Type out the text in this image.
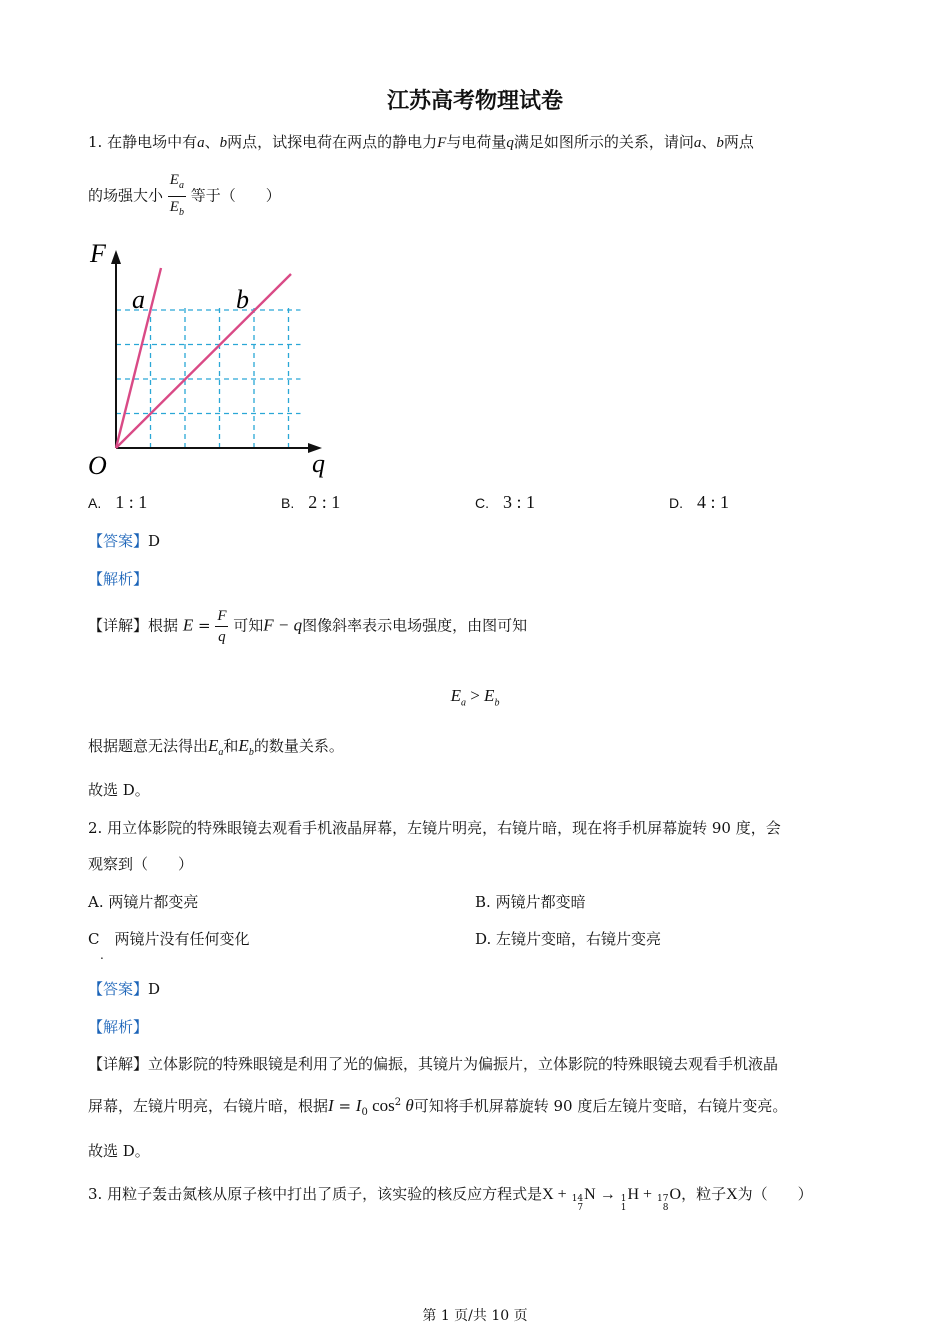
江苏高考物理试卷
1. 在静电场中有a、b两点，试探电荷在两点的静电力F与电荷量q满足如图所示的关系，请问a、b两点
的场强大小 $\frac{E_a}{E_b}$ 等于（　　）
F
q
O
a	b
A. 1 : 1	B. 2 : 1	C. 3 : 1	D. 4 : 1
【答案】D
【解析】
【详解】根据 $E = \frac{F}{q}$ 可知F − q图像斜率表示电场强度，由图可知
$E_a > E_b$
根据题意无法得出$E_a$和$E_b$的数量关系。
故选 D。
2. 用立体影院的特殊眼镜去观看手机液晶屏幕，左镜片明亮，右镜片暗，现在将手机屏幕旋转 90 度，会
观察到（　　）
A. 两镜片都变亮	B. 两镜片都变暗
C　 两镜片没有任何变化
.
D. 左镜片变暗，右镜片变亮
【答案】D
【解析】
【详解】立体影院的特殊眼镜是利用了光的偏振，其镜片为偏振片，立体影院的特殊眼镜去观看手机液晶
屏幕，左镜片明亮，右镜片暗，根据$I = I_0$ $\cos^2 \theta$可知将手机屏幕旋转 90 度后左镜片变暗，右镜片变亮。
故选 D。
3. 用粒子轰击氮核从原子核中打出了质子，该实验的核反应方程式是X + 14
7
N → 1
1
H + 17
8
O，粒子X为（　　）
第 1 页/共 10 页
